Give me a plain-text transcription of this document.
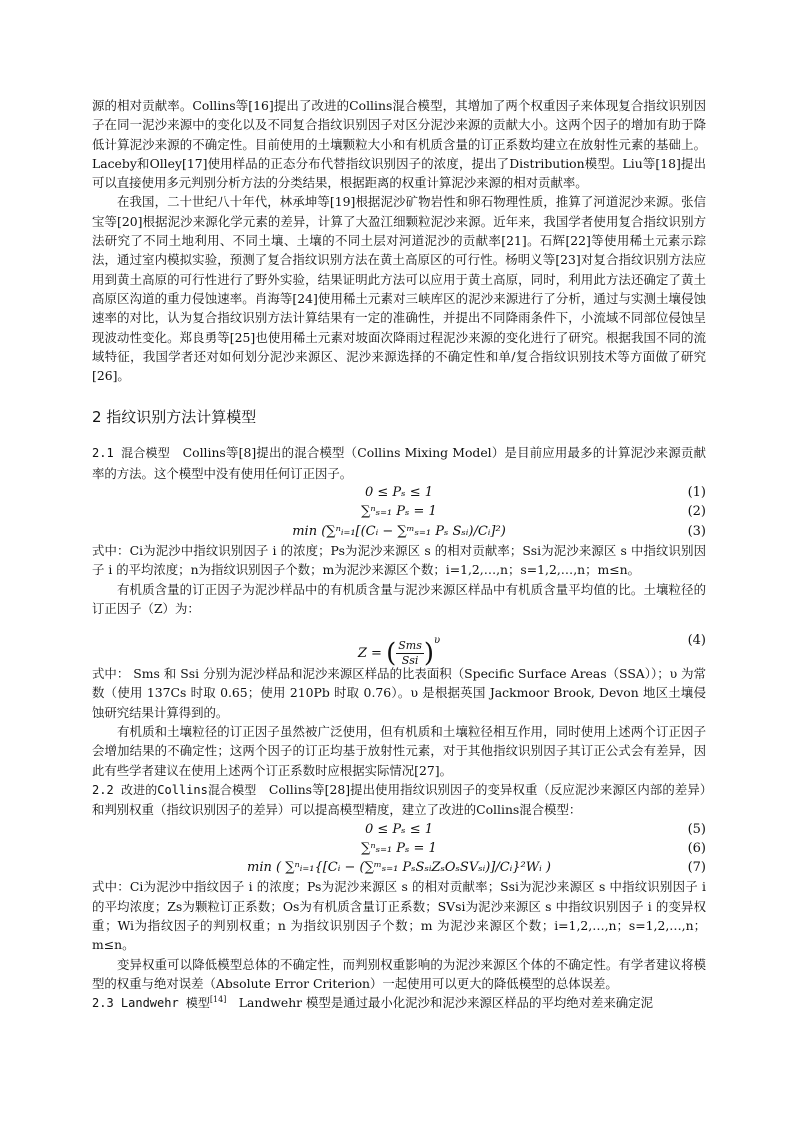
源的相对贡献率。Collins等[16]提出了改进的Collins混合模型，其增加了两个权重因子来体现复合指纹识别因子在同一泥沙来源中的变化以及不同复合指纹识别因子对区分泥沙来源的贡献大小。这两个因子的增加有助于降低计算泥沙来源的不确定性。目前使用的土壤颗粒大小和有机质含量的订正系数均建立在放射性元素的基础上。Laceby和Olley[17]使用样品的正态分布代替指纹识别因子的浓度，提出了Distribution模型。Liu等[18]提出可以直接使用多元判别分析方法的分类结果，根据距离的权重计算泥沙来源的相对贡献率。

在我国，二十世纪八十年代，林承坤等[19]根据泥沙矿物岩性和卵石物理性质，推算了河道泥沙来源。张信宝等[20]根据泥沙来源化学元素的差异，计算了大盈江细颗粒泥沙来源。近年来，我国学者使用复合指纹识别方法研究了不同土地利用、不同土壤、土壤的不同土层对河道泥沙的贡献率[21]。石辉[22]等使用稀土元素示踪法，通过室内模拟实验，预测了复合指纹识别方法在黄土高原区的可行性。杨明义等[23]对复合指纹识别方法应用到黄土高原的可行性进行了野外实验，结果证明此方法可以应用于黄土高原，同时，利用此方法还确定了黄土高原区沟道的重力侵蚀速率。肖海等[24]使用稀土元素对三峡库区的泥沙来源进行了分析，通过与实测土壤侵蚀速率的对比，认为复合指纹识别方法计算结果有一定的准确性，并提出不同降雨条件下，小流域不同部位侵蚀呈现波动性变化。郑良勇等[25]也使用稀土元素对坡面次降雨过程泥沙来源的变化进行了研究。根据我国不同的流域特征，我国学者还对如何划分泥沙来源区、泥沙来源选择的不确定性和单/复合指纹识别技术等方面做了研究[26]。

2 指纹识别方法计算模型

2.1 混合模型　 Collins等[8]提出的混合模型（Collins Mixing Model）是目前应用最多的计算泥沙来源贡献率的方法。这个模型中没有使用任何订正因子。

0 ≤ Pₛ ≤ 1	(1)
∑ⁿₛ₌₁ Pₛ = 1	(2)
min (∑ⁿᵢ₌₁[(Cᵢ − ∑ᵐₛ₌₁ Pₛ Sₛᵢ)/Cᵢ]²)	(3)

式中：Ci为泥沙中指纹识别因子 i 的浓度；Ps为泥沙来源区 s 的相对贡献率；Ssi为泥沙来源区 s 中指纹识别因子 i 的平均浓度；n为指纹识别因子个数；m为泥沙来源区个数；i=1,2,…,n；s=1,2,…,n；m≤n。

有机质含量的订正因子为泥沙样品中的有机质含量与泥沙来源区样品中有机质含量平均值的比。土壤粒径的订正因子（Z）为：

Z = ( $\frac{\text{Sms}}{\text{Ssi}} )^\upsilon$	(4)

式中： Sms 和 Ssi 分别为泥沙样品和泥沙来源区样品的比表面积（Specific Surface Areas（SSA））；υ 为常数（使用 137Cs 时取 0.65；使用 210Pb 时取 0.76）。υ 是根据英国 Jackmoor Brook, Devon 地区土壤侵蚀研究结果计算得到的。

有机质和土壤粒径的订正因子虽然被广泛使用，但有机质和土壤粒径相互作用，同时使用上述两个订正因子会增加结果的不确定性；这两个因子的订正均基于放射性元素，对于其他指纹识别因子其订正公式会有差异，因此有些学者建议在使用上述两个订正系数时应根据实际情况[27]。

2.2 改进的Collins混合模型　 Collins等[28]提出使用指纹识别因子的变异权重（反应泥沙来源区内部的差异）和判别权重（指纹识别因子的差异）可以提高模型精度，建立了改进的Collins混合模型：

0 ≤ Pₛ ≤ 1	(5)
∑ⁿₛ₌₁ Pₛ = 1	(6)
min ( ∑ⁿᵢ₌₁{[Cᵢ − (∑ᵐₛ₌₁ PₛSₛᵢZₛOₛSVₛᵢ)]/Cᵢ}²Wᵢ )	(7)

式中：Ci为泥沙中指纹因子 i 的浓度；Ps为泥沙来源区 s 的相对贡献率；Ssi为泥沙来源区 s 中指纹识别因子 i 的平均浓度；Zs为颗粒订正系数；Os为有机质含量订正系数；SVsi为泥沙来源区 s 中指纹识别因子 i 的变异权重；Wi为指纹因子的判别权重；n 为指纹识别因子个数；m 为泥沙来源区个数；i=1,2,…,n；s=1,2,…,n；m≤n。

变异权重可以降低模型总体的不确定性，而判别权重影响的为泥沙来源区个体的不确定性。有学者建议将模型的权重与绝对误差（Absolute Error Criterion）一起使用可以更大的降低模型的总体误差。

2.3 Landwehr 模型[14]　 Landwehr 模型是通过最小化泥沙和泥沙来源区样品的平均绝对差来确定泥
